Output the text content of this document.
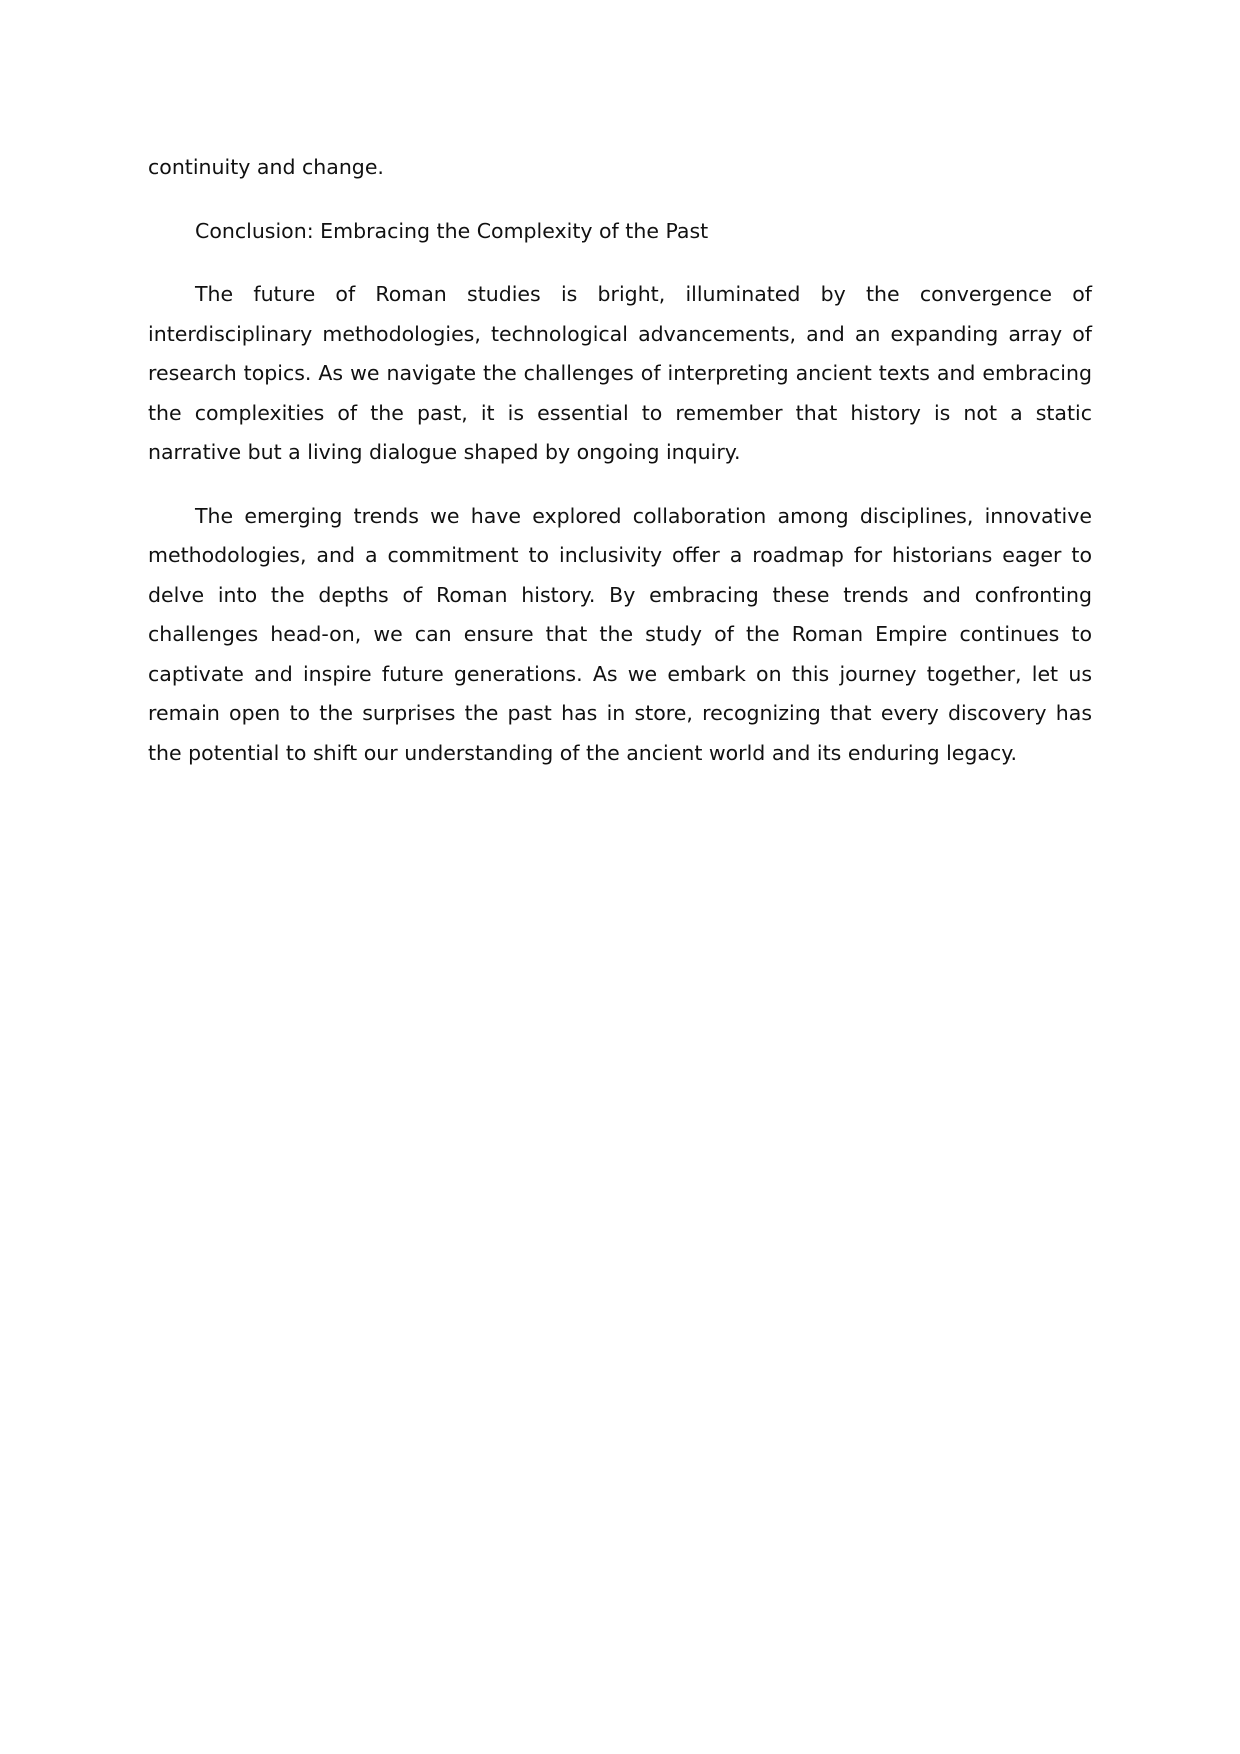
continuity and change.

Conclusion: Embracing the Complexity of the Past

The future of Roman studies is bright, illuminated by the convergence of interdisciplinary methodologies, technological advancements, and an expanding array of research topics. As we navigate the challenges of interpreting ancient texts and embracing the complexities of the past, it is essential to remember that history is not a static narrative but a living dialogue shaped by ongoing inquiry.

The emerging trends we have explored collaboration among disciplines, innovative methodologies, and a commitment to inclusivity offer a roadmap for historians eager to delve into the depths of Roman history. By embracing these trends and confronting challenges head-on, we can ensure that the study of the Roman Empire continues to captivate and inspire future generations. As we embark on this journey together, let us remain open to the surprises the past has in store, recognizing that every discovery has the potential to shift our understanding of the ancient world and its enduring legacy.
